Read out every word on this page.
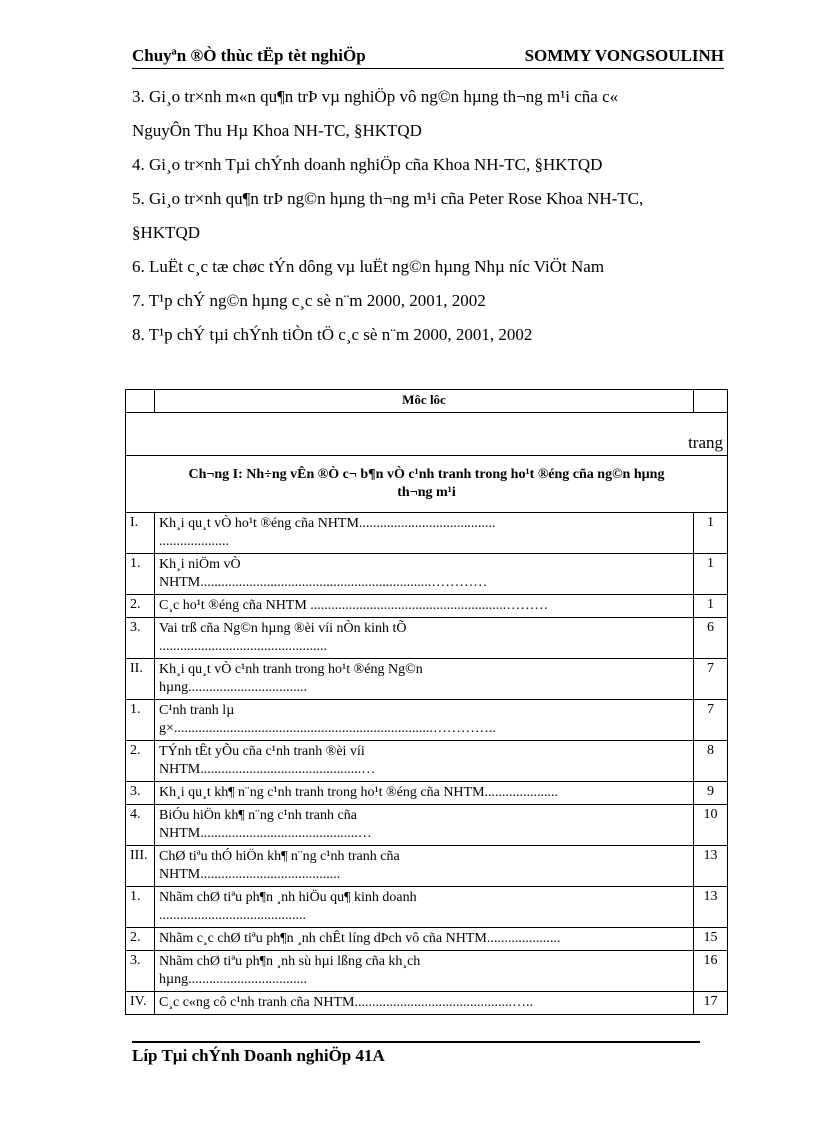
Chuyªn ®Ò thùc tËp tèt nghiÖp	SOMMY VONGSOULINH
3. Gi¸o tr×nh m«n qu¶n trÞ vµ nghiÖp vô ng©n hµng th¬ng m¹i cña c«
NguyÔn Thu Hµ Khoa NH-TC, §HKTQD
4. Gi¸o tr×nh Tµi chÝnh doanh nghiÖp cña Khoa NH-TC, §HKTQD
5. Gi¸o tr×nh qu¶n trÞ ng©n hµng th¬ng m¹i cña Peter Rose Khoa NH-TC,
§HKTQD
6. LuËt c¸c tæ chøc tÝn dông vµ luËt ng©n hµng Nhµ níc ViÖt Nam
7. T¹p chÝ ng©n hµng c¸c sè n¨m 2000, 2001, 2002
8. T¹p chÝ tµi chÝnh tiÒn tÖ c¸c sè n¨m 2000, 2001, 2002
	Môc lôc	
trang		

Ch¬ng I: Nh÷ng vÊn ®Ò c¬ b¶n vÒ c¹nh tranh trong ho¹t ®éng cña ng©n hµng
th¬ng m¹i		

I.	Kh¸i qu¸t vÒ ho¹t ®éng cña NHTM.......................................
....................	1
1.	Kh¸i niÖm vÒ
NHTM..................................................................…………	1
2.	C¸c ho¹t ®éng cña NHTM ........................................................………	1
3.	Vai trß cña Ng©n hµng ®èi víi nÒn kinh tÕ
................................................	6
II.	Kh¸i qu¸t vÒ c¹nh tranh trong ho¹t ®éng Ng©n
hµng..................................	7
1.	C¹nh tranh lµ
g×..........................................................................…………..	7
2.	TÝnh tÊt yÕu cña c¹nh tranh ®èi víi
NHTM..............................................…	8
3.	Kh¸i qu¸t kh¶ n¨ng c¹nh tranh trong ho¹t ®éng cña NHTM.....................	9
4.	BiÓu hiÖn kh¶ n¨ng c¹nh tranh cña
NHTM.............................................…	10
III.	ChØ tiªu thÓ hiÖn kh¶ n¨ng c¹nh tranh cña
NHTM........................................	13
1.	Nhãm chØ tiªu ph¶n ¸nh hiÖu qu¶ kinh doanh
..........................................	13
2.	Nhãm c¸c chØ tiªu ph¶n ¸nh chÊt líng dÞch vô cña NHTM.....................	15
3.	Nhãm chØ tiªu ph¶n ¸nh sù hµi lßng cña kh¸ch
hµng..................................	16
IV.	C¸c c«ng cô c¹nh tranh cña NHTM.............................................…..	17
Líp Tµi chÝnh Doanh nghiÖp 41A
